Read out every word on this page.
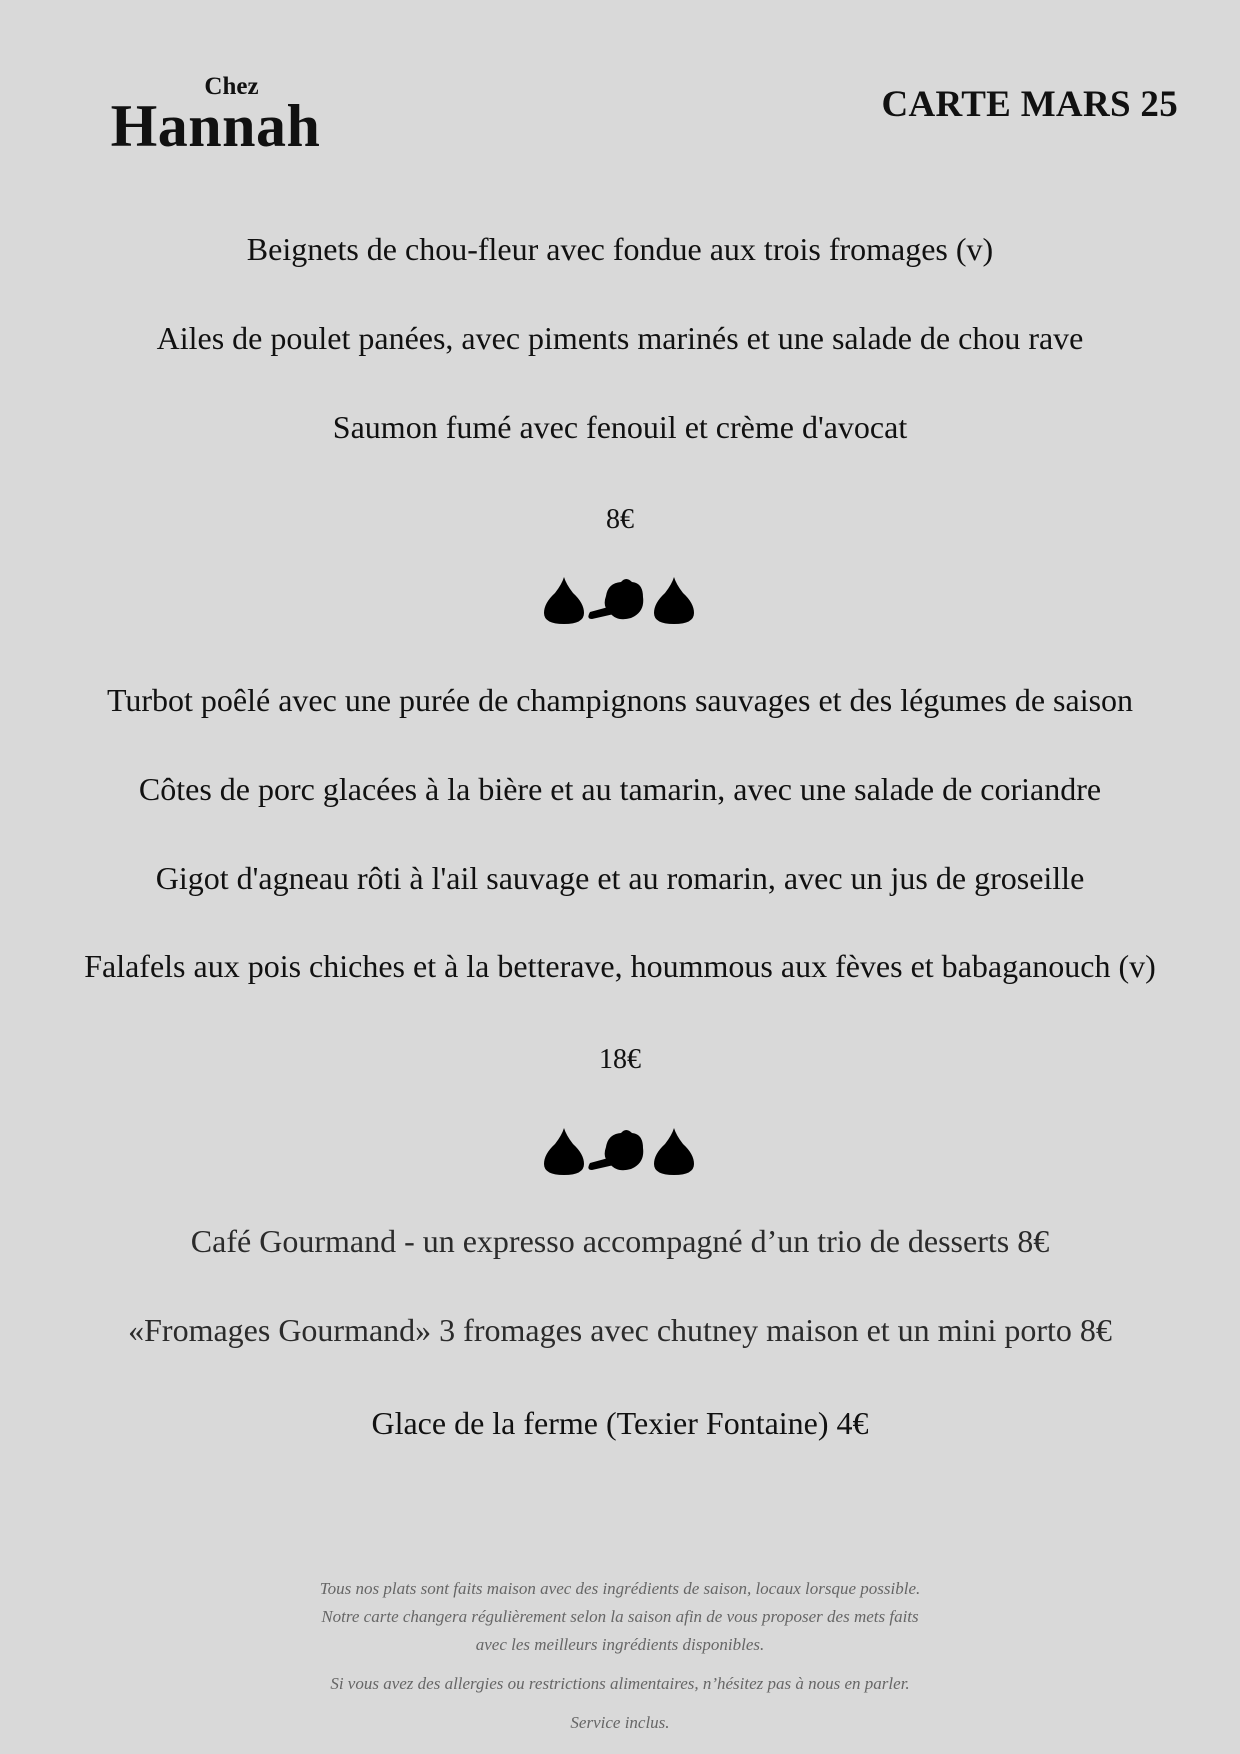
Chez
Hannah	CARTE MARS 25
Beignets de chou-fleur avec fondue aux trois fromages (v)
Ailes de poulet panées, avec piments marinés et une salade de chou rave
Saumon fumé avec fenouil et crème d'avocat
8€
Turbot poêlé avec une purée de champignons sauvages et des légumes de saison
Côtes de porc glacées à la bière et au tamarin, avec une salade de coriandre
Gigot d'agneau rôti à l'ail sauvage et au romarin, avec un jus de groseille
Falafels aux pois chiches et à la betterave, hoummous aux fèves et babaganouch (v)
18€
Café Gourmand - un expresso accompagné d’un trio de desserts 8€
«Fromages Gourmand» 3 fromages avec chutney maison et un mini porto 8€
Glace de la ferme (Texier Fontaine) 4€
Tous nos plats sont faits maison avec des ingrédients de saison, locaux lorsque possible.
Notre carte changera régulièrement selon la saison afin de vous proposer des mets faits
avec les meilleurs ingrédients disponibles.
Si vous avez des allergies ou restrictions alimentaires, n’hésitez pas à nous en parler.
Service inclus.
